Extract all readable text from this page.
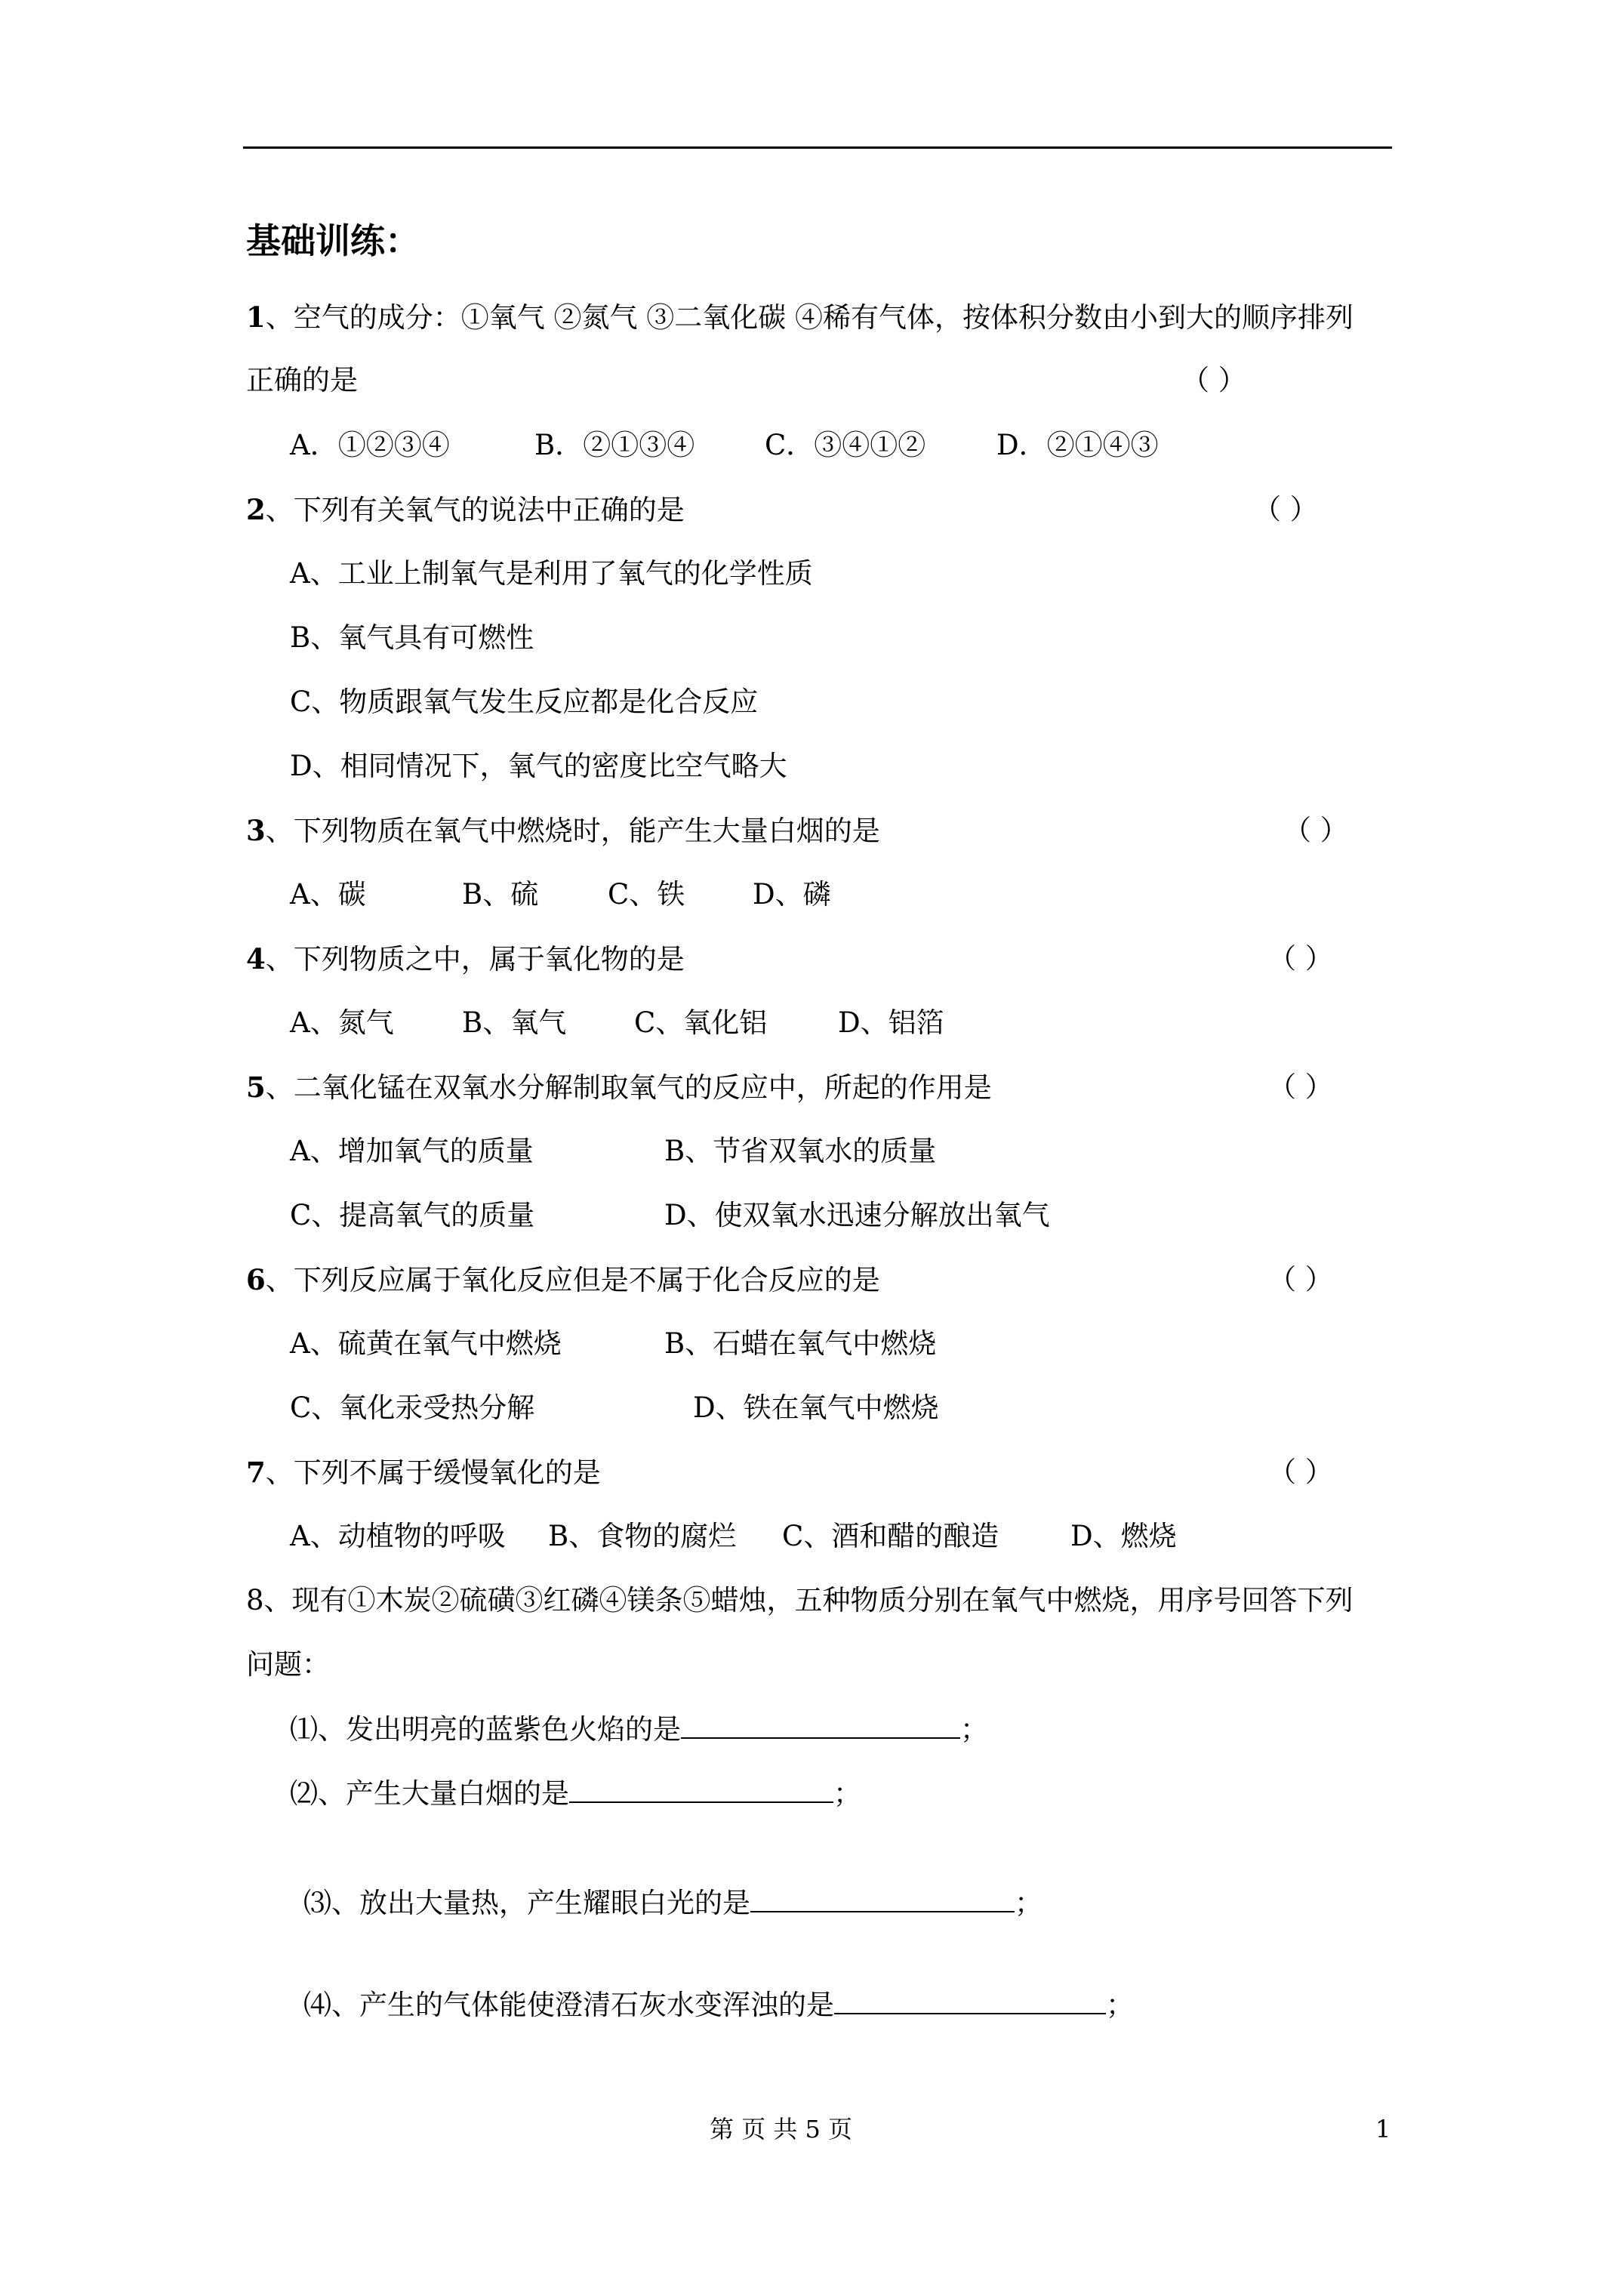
基础训练：
1、空气的成分：①氧气 ②氮气 ③二氧化碳 ④稀有气体，按体积分数由小到大的顺序排列
正确的是	（ ）
A．①②③④	B．②①③④	C．③④①②	D．②①④③
2、下列有关氧气的说法中正确的是	（ ）
A、工业上制氧气是利用了氧气的化学性质
B、氧气具有可燃性
C、物质跟氧气发生反应都是化合反应
D、相同情况下，氧气的密度比空气略大
3、下列物质在氧气中燃烧时，能产生大量白烟的是	（ ）
A、碳	B、硫 C、铁 D、磷
4、下列物质之中，属于氧化物的是	（ ）
A、氮气 B、氧气 C、氧化铝	D、铝箔
5、二氧化锰在双氧水分解制取氧气的反应中，所起的作用是	（ ）
A、增加氧气的质量	B、节省双氧水的质量
C、提高氧气的质量	D、使双氧水迅速分解放出氧气
6、下列反应属于氧化反应但是不属于化合反应的是	（ ）
A、硫黄在氧气中燃烧	B、石蜡在氧气中燃烧
C、氧化汞受热分解	D、铁在氧气中燃烧
7、下列不属于缓慢氧化的是	（ ）
A、动植物的呼吸 B、食物的腐烂 C、酒和醋的酿造	D、燃烧
8、现有①木炭②硫磺③红磷④镁条⑤蜡烛，五种物质分别在氧气中燃烧，用序号回答下列
问题：
⑴、发出明亮的蓝紫色火焰的是	；
⑵、产生大量白烟的是	；
⑶、放出大量热，产生耀眼白光的是	；
⑷、产生的气体能使澄清石灰水变浑浊的是	；
第 页 共 5 页	1
